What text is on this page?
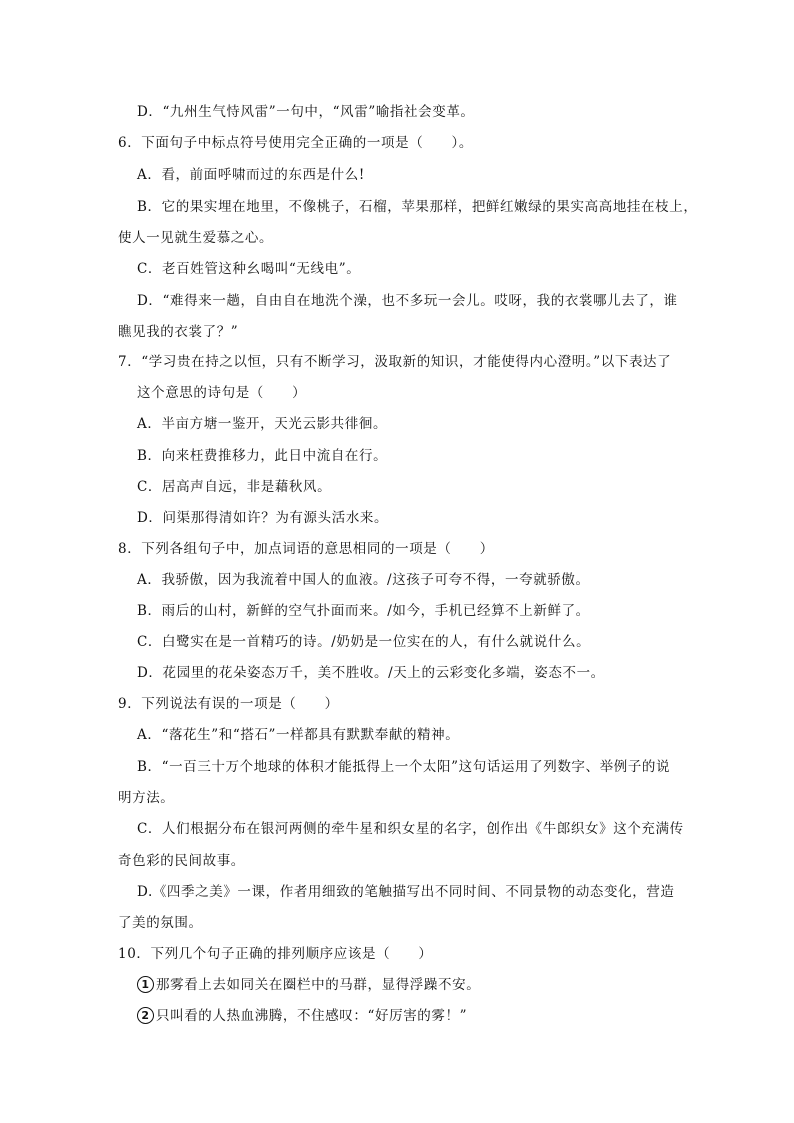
D．“九州生气恃风雷”一句中，“风雷”喻指社会变革。
6．下面句子中标点符号使用完全正确的一项是（　　）。
A．看，前面呼啸而过的东西是什么!
B．它的果实埋在地里，不像桃子，石榴，苹果那样，把鲜红嫩绿的果实高高地挂在枝上，
使人一见就生爱慕之心。
C．老百姓管这种幺喝叫“无线电”。
D．“难得来一趟，自由自在地洗个澡，也不多玩一会儿。哎呀，我的衣裳哪儿去了，谁
瞧见我的衣裳了？”
7．“学习贵在持之以恒，只有不断学习，汲取新的知识，才能使得内心澄明。”以下表达了
这个意思的诗句是（　　）
A．半亩方塘一鉴开，天光云影共徘徊。
B．向来枉费推移力，此日中流自在行。
C．居高声自远，非是藉秋风。
D．问渠那得清如许？为有源头活水来。
8．下列各组句子中，加点词语的意思相同的一项是（　　）
A．我骄傲，因为我流着中国人的血液。/这孩子可夸不得，一夸就骄傲。
B．雨后的山村，新鲜的空气扑面而来。/如今，手机已经算不上新鲜了。
C．白鹭实在是一首精巧的诗。/奶奶是一位实在的人，有什么就说什么。
D．花园里的花朵姿态万千，美不胜收。/天上的云彩变化多端，姿态不一。
9．下列说法有误的一项是（　　）
A．“落花生”和“搭石”一样都具有默默奉献的精神。
B．“一百三十万个地球的体积才能抵得上一个太阳”这句话运用了列数字、举例子的说
明方法。
C．人们根据分布在银河两侧的牵牛星和织女星的名字，创作出《牛郎织女》这个充满传
奇色彩的民间故事。
D.《四季之美》一课，作者用细致的笔触描写出不同时间、不同景物的动态变化，营造
了美的氛围。
10．下列几个句子正确的排列顺序应该是（　　）
1 那雾看上去如同关在圈栏中的马群，显得浮躁不安。
2 只叫看的人热血沸腾，不住感叹：“好厉害的雾！”
